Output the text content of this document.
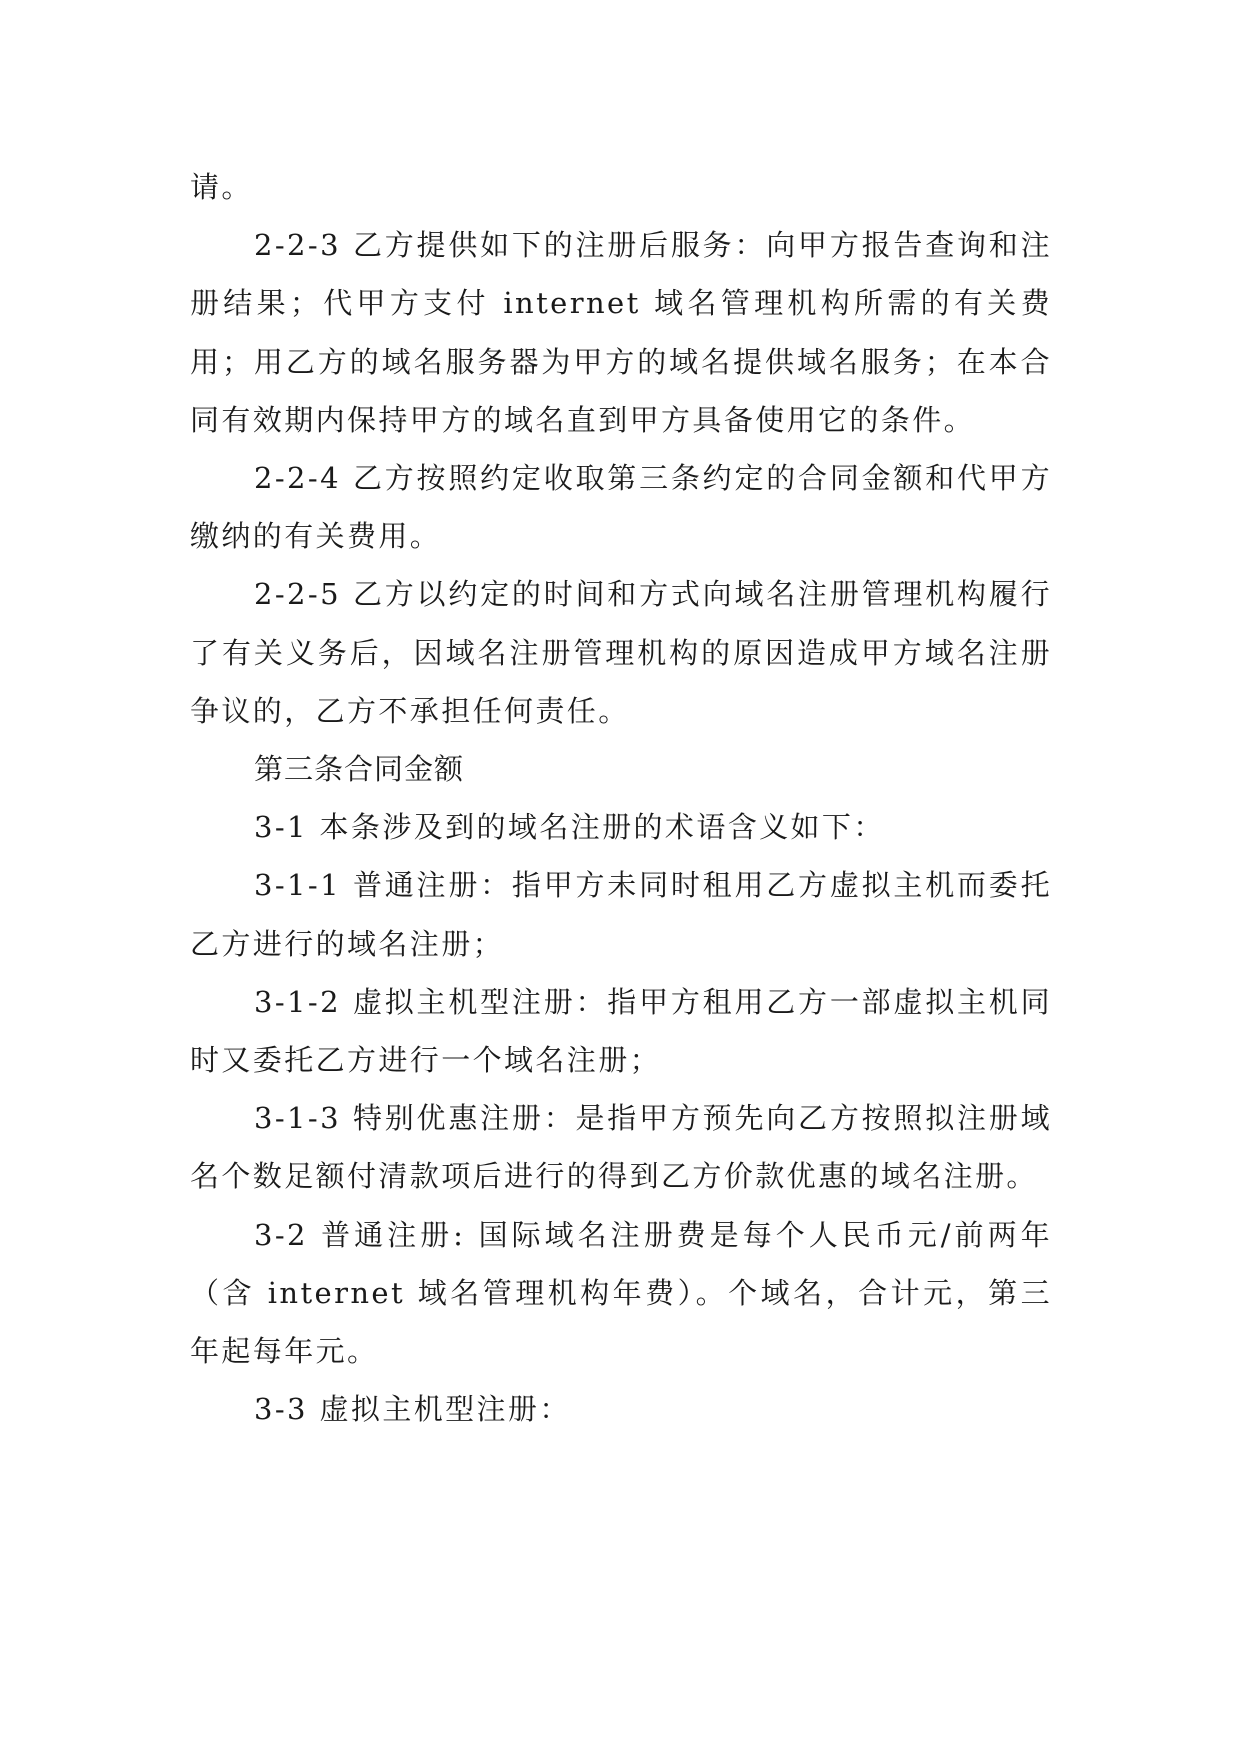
请。

2-2-3 乙方提供如下的注册后服务：向甲方报告查询和注册结果；代甲方支付 internet 域名管理机构所需的有关费用；用乙方的域名服务器为甲方的域名提供域名服务；在本合同有效期内保持甲方的域名直到甲方具备使用它的条件。

2-2-4 乙方按照约定收取第三条约定的合同金额和代甲方缴纳的有关费用。

2-2-5 乙方以约定的时间和方式向域名注册管理机构履行了有关义务后，因域名注册管理机构的原因造成甲方域名注册争议的，乙方不承担任何责任。

第三条合同金额

3-1 本条涉及到的域名注册的术语含义如下：

3-1-1 普通注册：指甲方未同时租用乙方虚拟主机而委托乙方进行的域名注册；

3-1-2 虚拟主机型注册：指甲方租用乙方一部虚拟主机同时又委托乙方进行一个域名注册；

3-1-3 特别优惠注册：是指甲方预先向乙方按照拟注册域名个数足额付清款项后进行的得到乙方价款优惠的域名注册。

3-2 普通注册: 国际域名注册费是每个人民币元/前两年（含 internet 域名管理机构年费）。个域名，合计元，第三年起每年元。

3-3 虚拟主机型注册：
